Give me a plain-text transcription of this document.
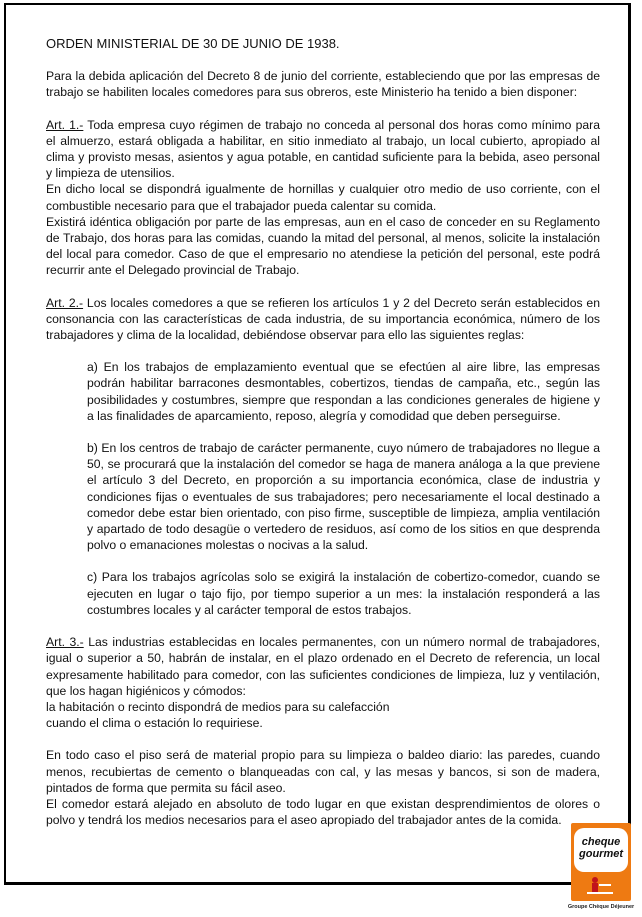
ORDEN MINISTERIAL DE 30 DE JUNIO DE 1938.

Para la debida aplicación del Decreto 8 de junio del corriente, estableciendo que por las empresas de trabajo se habiliten locales comedores para sus obreros, este Ministerio ha tenido a bien disponer:

Art. 1.- Toda empresa cuyo régimen de trabajo no conceda al personal dos horas como mínimo para el almuerzo, estará obligada a habilitar, en sitio inmediato al trabajo, un local cubierto, apropiado al clima y provisto mesas, asientos y agua potable, en cantidad suficiente para la bebida, aseo personal y limpieza de utensilios.

En dicho local se dispondrá igualmente de hornillas y cualquier otro medio de uso corriente, con el combustible necesario para que el trabajador pueda calentar su comida.

Existirá idéntica obligación por parte de las empresas, aun en el caso de conceder en su Reglamento de Trabajo, dos horas para las comidas, cuando la mitad del personal, al menos, solicite la instalación del local para comedor. Caso de que el empresario no atendiese la petición del personal, este podrá recurrir ante el Delegado provincial de Trabajo.

Art. 2.- Los locales comedores a que se refieren los artículos 1 y 2 del Decreto serán establecidos en consonancia con las características de cada industria, de su importancia económica, número de los trabajadores y clima de la localidad, debiéndose observar para ello las siguientes reglas:

a) En los trabajos de emplazamiento eventual que se efectúen al aire libre, las empresas podrán habilitar barracones desmontables, cobertizos, tiendas de campaña, etc., según las posibilidades y costumbres, siempre que respondan a las condiciones generales de higiene y a las finalidades de aparcamiento, reposo, alegría y comodidad que deben perseguirse.

b) En los centros de trabajo de carácter permanente, cuyo número de trabajadores no llegue a 50, se procurará que la instalación del comedor se haga de manera análoga a la que previene el artículo 3 del Decreto, en proporción a su importancia económica, clase de industria y condiciones fijas o eventuales de sus trabajadores; pero necesariamente el local destinado a comedor debe estar bien orientado, con piso firme, susceptible de limpieza, amplia ventilación y apartado de todo desagüe o vertedero de residuos, así como de los sitios en que desprenda polvo o emanaciones molestas o nocivas a la salud.

c) Para los trabajos agrícolas solo se exigirá la instalación de cobertizo-comedor, cuando se ejecuten en lugar o tajo fijo, por tiempo superior a un mes: la instalación responderá a las costumbres locales y al carácter temporal de estos trabajos.

Art. 3.- Las industrias establecidas en locales permanentes, con un número normal de trabajadores, igual o superior a 50, habrán de instalar, en el plazo ordenado en el Decreto de referencia, un local expresamente habilitado para comedor, con las suficientes condiciones de limpieza, luz y ventilación, que los hagan higiénicos y cómodos:

la habitación o recinto dispondrá de medios para su calefacción

cuando el clima o estación lo requiriese.

En todo caso el piso será de material propio para su limpieza o baldeo diario: las paredes, cuando menos, recubiertas de cemento o blanqueadas con cal, y las mesas y bancos, si son de madera, pintados de forma que permita su fácil aseo.

El comedor estará alejado en absoluto de todo lugar en que existan desprendimientos de olores o polvo y tendrá los medios necesarios para el aseo apropiado del trabajador antes de la comida.

cheque
gourmet
Groupe Chèque Déjeuner
